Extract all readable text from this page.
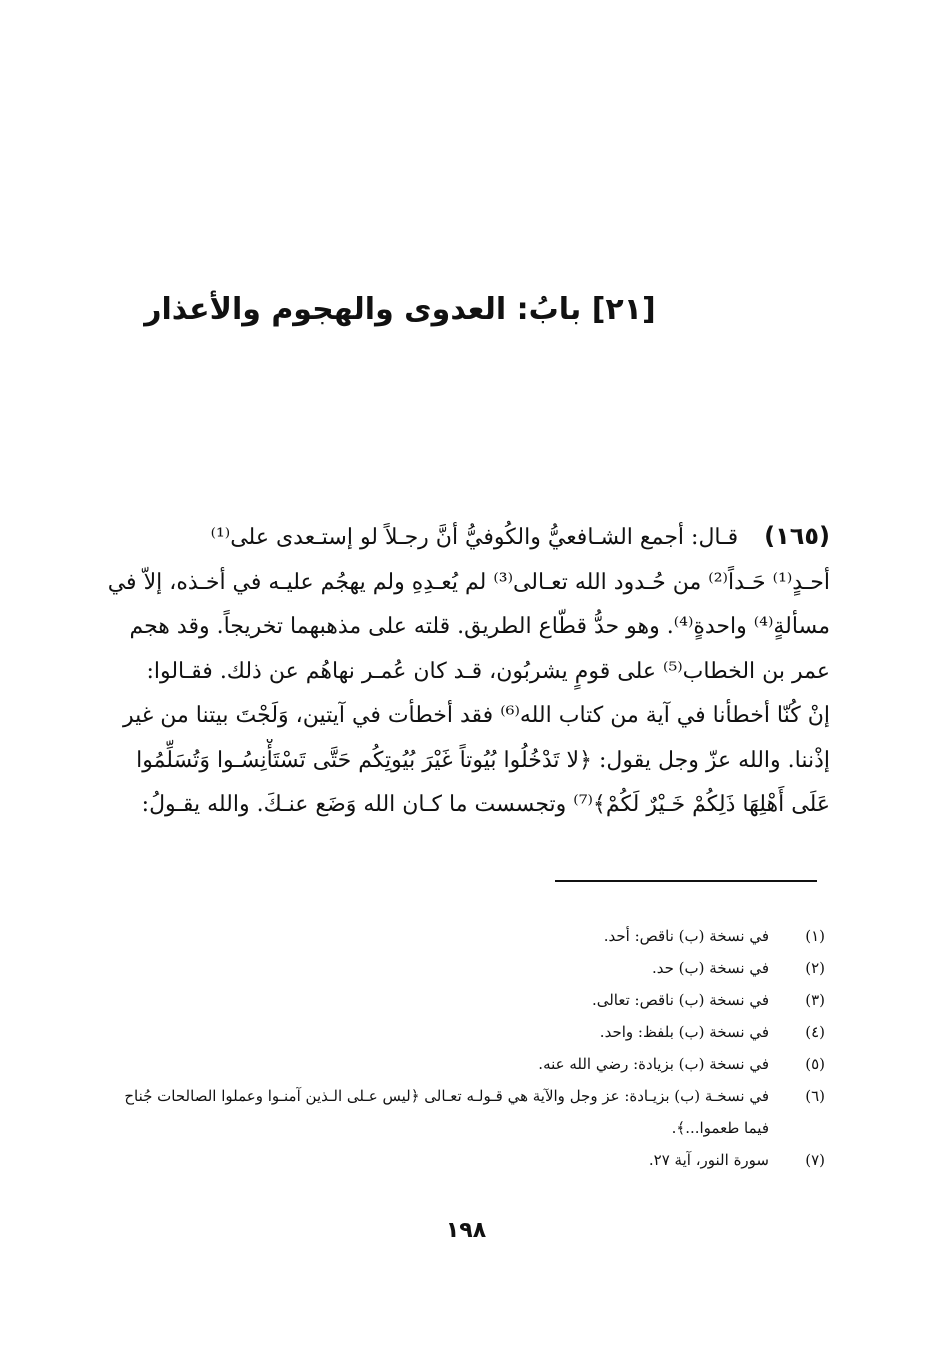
[٢١] بابُ: العدوى والهجوم والأعذار
(١٦٥)قـال: أجمع الشـافعيُّ والكُوفيُّ أنَّ رجـلاً لو إستـعدى على⁽¹⁾
أحـدٍ⁽¹⁾ حَـداً⁽²⁾ من حُـدود الله تعـالى⁽³⁾ لم يُعـدِهِ ولم يهجُم عليـه في أخـذه، إلاّ في
مسألةٍ⁽⁴⁾ واحدةٍ⁽⁴⁾. وهو حدُّ قطّاع الطريق. قلته على مذهبهما تخريجاً. وقد هجم
عمر بن الخطاب⁽⁵⁾ على قومٍ يشربُون، قـد كان عُمـر نهاهُم عن ذلك. فقـالوا:
إنْ كُنّا أخطأنا في آية من كتاب الله⁽⁶⁾ فقد أخطأت في آيتين، وَلَجْتَ بيتنا من غير
إذْننا. والله عزّ وجل يقول: ﴿لا تَدْخُلُوا بُيُوتاً غَيْرَ بُيُوتِكُم حَتَّى تَسْتَأْنِسُـوا وَتُسَلِّمُوا
عَلَى أَهْلِهَا ذَلِكُمْ خَـيْرٌ لَكُمْ﴾⁽⁷⁾ وتجسست ما كـان الله وَضَع عنـكَ. والله يقـولُ:
(١)
في نسخة (ب) ناقص: أحد.
(٢)
في نسخة (ب) حد.
(٣)
في نسخة (ب) ناقص: تعالى.
(٤)
في نسخة (ب) بلفظ: واحد.
(٥)
في نسخة (ب) بزيادة: رضي الله عنه.
(٦)
في نسخـة (ب) بزيـادة: عز وجل والآية هي قـولـه تعـالى ﴿ليس عـلى الـذين آمنـوا وعملوا الصالحات جُناح فيما طعموا...﴾.
(٧)
سورة النور، آية ٢٧.
١٩٨
